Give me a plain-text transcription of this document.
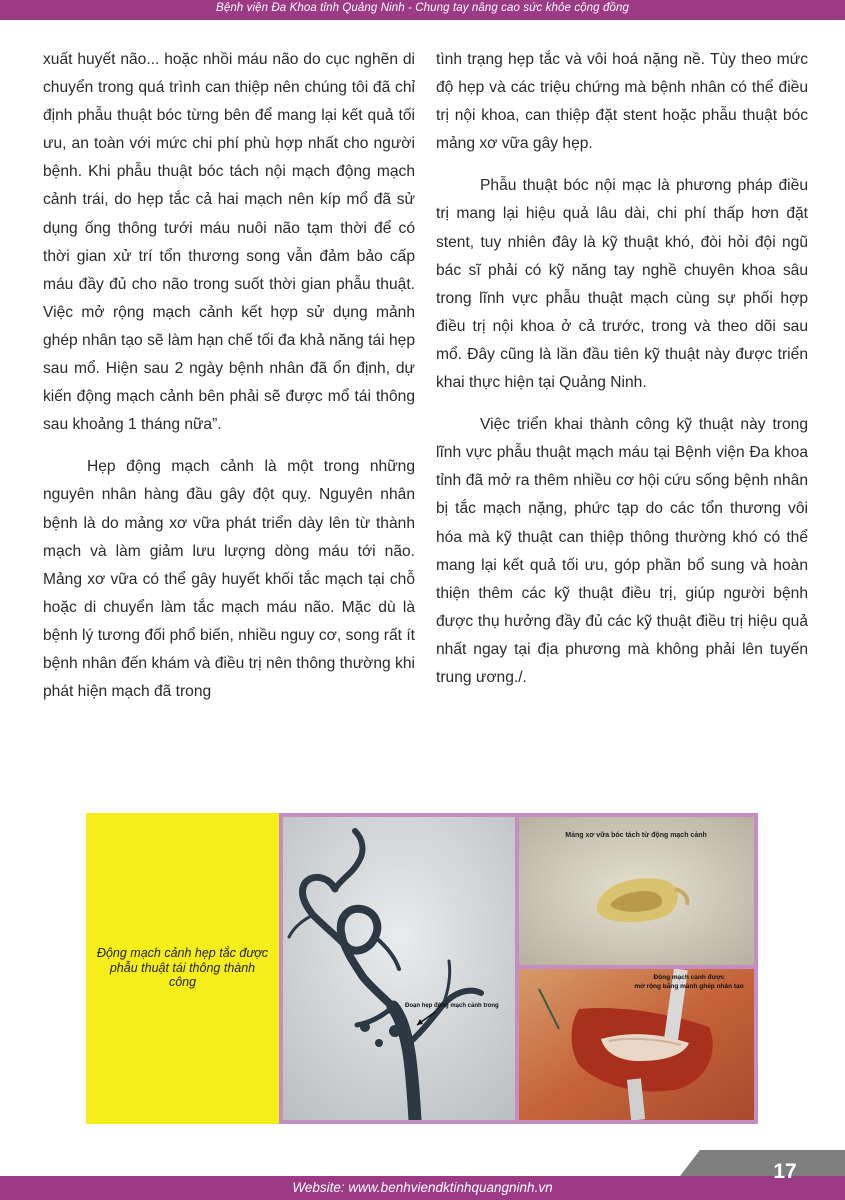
Bệnh viện Đa Khoa tỉnh Quảng Ninh - Chung tay nâng cao sức khỏe cộng đồng

xuất huyết não... hoặc nhồi máu não do cục nghẽn di chuyển trong quá trình can thiệp nên chúng tôi đã chỉ định phẫu thuật bóc từng bên để mang lại kết quả tối ưu, an toàn với mức chi phí phù hợp nhất cho người bệnh. Khi phẫu thuật bóc tách nội mạch động mạch cảnh trái, do hẹp tắc cả hai mạch nên kíp mổ đã sử dụng ống thông tưới máu nuôi não tạm thời để có thời gian xử trí tổn thương song vẫn đảm bảo cấp máu đầy đủ cho não trong suốt thời gian phẫu thuật. Việc mở rộng mạch cảnh kết hợp sử dụng mảnh ghép nhân tạo sẽ làm hạn chế tối đa khả năng tái hẹp sau mổ. Hiện sau 2 ngày bệnh nhân đã ổn định, dự kiến động mạch cảnh bên phải sẽ được mổ tái thông sau khoảng 1 tháng nữa”.

Hẹp động mạch cảnh là một trong những nguyên nhân hàng đầu gây đột quỵ. Nguyên nhân bệnh là do mảng xơ vữa phát triển dày lên từ thành mạch và làm giảm lưu lượng dòng máu tới não. Mảng xơ vữa có thể gây huyết khối tắc mạch tại chỗ hoặc di chuyển làm tắc mạch máu não. Mặc dù là bệnh lý tương đối phổ biến, nhiều nguy cơ, song rất ít bệnh nhân đến khám và điều trị nên thông thường khi phát hiện mạch đã trong

tình trạng hẹp tắc và vôi hoá nặng nề. Tùy theo mức độ hẹp và các triệu chứng mà bệnh nhân có thể điều trị nội khoa, can thiệp đặt stent hoặc phẫu thuật bóc mảng xơ vữa gây hẹp.

Phẫu thuật bóc nội mạc là phương pháp điều trị mang lại hiệu quả lâu dài, chi phí thấp hơn đặt stent, tuy nhiên đây là kỹ thuật khó, đòi hỏi đội ngũ bác sĩ phải có kỹ năng tay nghề chuyên khoa sâu trong lĩnh vực phẫu thuật mạch cùng sự phối hợp điều trị nội khoa ở cả trước, trong và theo dõi sau mổ. Đây cũng là lần đầu tiên kỹ thuật này được triển khai thực hiện tại Quảng Ninh.

Việc triển khai thành công kỹ thuật này trong lĩnh vực phẫu thuật mạch máu tại Bệnh viện Đa khoa tỉnh đã mở ra thêm nhiều cơ hội cứu sống bệnh nhân bị tắc mạch nặng, phức tạp do các tổn thương vôi hóa mà kỹ thuật can thiệp thông thường khó có thể mang lại kết quả tối ưu, góp phần bổ sung và hoàn thiện thêm các kỹ thuật điều trị, giúp người bệnh được thụ hưởng đầy đủ các kỹ thuật điều trị hiệu quả nhất ngay tại địa phương mà không phải lên tuyến trung ương./.

Động mạch cảnh hẹp tắc được phẫu thuật tái thông thành công
Đoạn hẹp động mạch cảnh trong
Mảng xơ vữa bóc tách từ động mạch cảnh
Động mạch cảnh được
mở rộng bằng mảnh ghép nhân tạo
Website: www.benhviendktinhquangninh.vn
17
